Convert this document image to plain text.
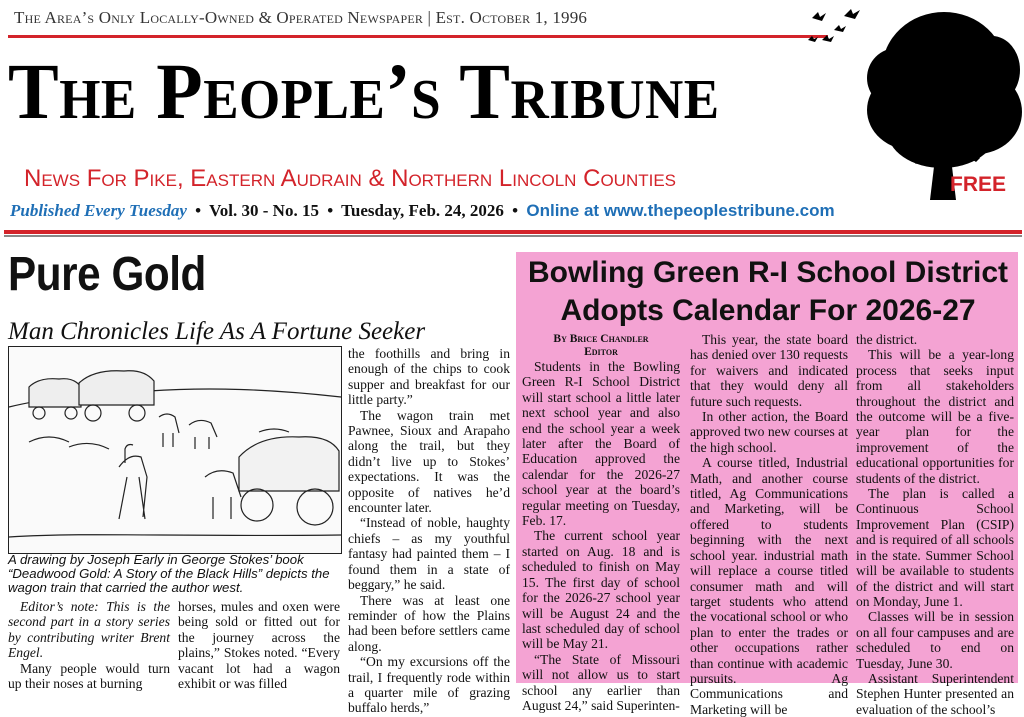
The Area’s Only Locally-Owned & Operated Newspaper | Est. October 1, 1996
The People’s Tribune
News For Pike, Eastern Audrain & Northern Lincoln Counties	FREE
Published Every Tuesday • Vol. 30 - No. 15 • Tuesday, Feb. 24, 2026 • Online at www.thepeoplestribune.com
Pure Gold
Man Chronicles Life As A Fortune Seeker
A drawing by Joseph Early in George Stokes’ book “Deadwood Gold: A Story of the Black Hills” depicts the wagon train that carried the author west.

Editor’s note: This is the second part in a story series by contributing writer Brent Engel.

Many people would turn up their noses at burning

horses, mules and oxen were being sold or fitted out for the journey across the plains,” Stokes noted. “Every vacant lot had a wagon exhibit or was filled

the foothills and bring in enough of the chips to cook supper and breakfast for our little party.”

The wagon train met Pawnee, Sioux and Arapaho along the trail, but they didn’t live up to Stokes’ expectations. It was the opposite of natives he’d encounter later.

“Instead of noble, haughty chiefs – as my youthful fantasy had painted them – I found them in a state of beggary,” he said.

There was at least one reminder of how the Plains had been before settlers came along.

“On my excursions off the trail, I frequently rode within a quarter mile of grazing buffalo herds,”

Bowling Green R-I School District
Adopts Calendar For 2026-27
By Brice Chandler
Editor

Students in the Bowling Green R-I School District will start school a little later next school year and also end the school year a week later after the Board of Education approved the calendar for the 2026-27 school year at the board’s regular meeting on Tuesday, Feb. 17.

The current school year started on Aug. 18 and is scheduled to finish on May 15. The first day of school for the 2026-27 school year will be August 24 and the last scheduled day of school will be May 21.

“The State of Missouri will not allow us to start school any earlier than August 24,” said Superinten-

This year, the state board has denied over 130 requests for waivers and indicated that they would deny all future such requests.

In other action, the Board approved two new courses at the high school.

A course titled, Industrial Math, and another course titled, Ag Communications and Marketing, will be offered to students beginning with the next school year. industrial math will replace a course titled consumer math and will target students who attend the vocational school or who plan to enter the trades or other occupations rather than continue with academic pursuits. Ag Communications and Marketing will be

the district.

This will be a year-long process that seeks input from all stakeholders throughout the district and the outcome will be a five-year plan for the improvement of the educational opportunities for students of the district.

The plan is called a Continuous School Improvement Plan (CSIP) and is required of all schools in the state. Summer School will be available to students of the district and will start on Monday, June 1.

Classes will be in session on all four campuses and are scheduled to end on Tuesday, June 30.

Assistant Superintendent Stephen Hunter presented an evaluation of the school’s
